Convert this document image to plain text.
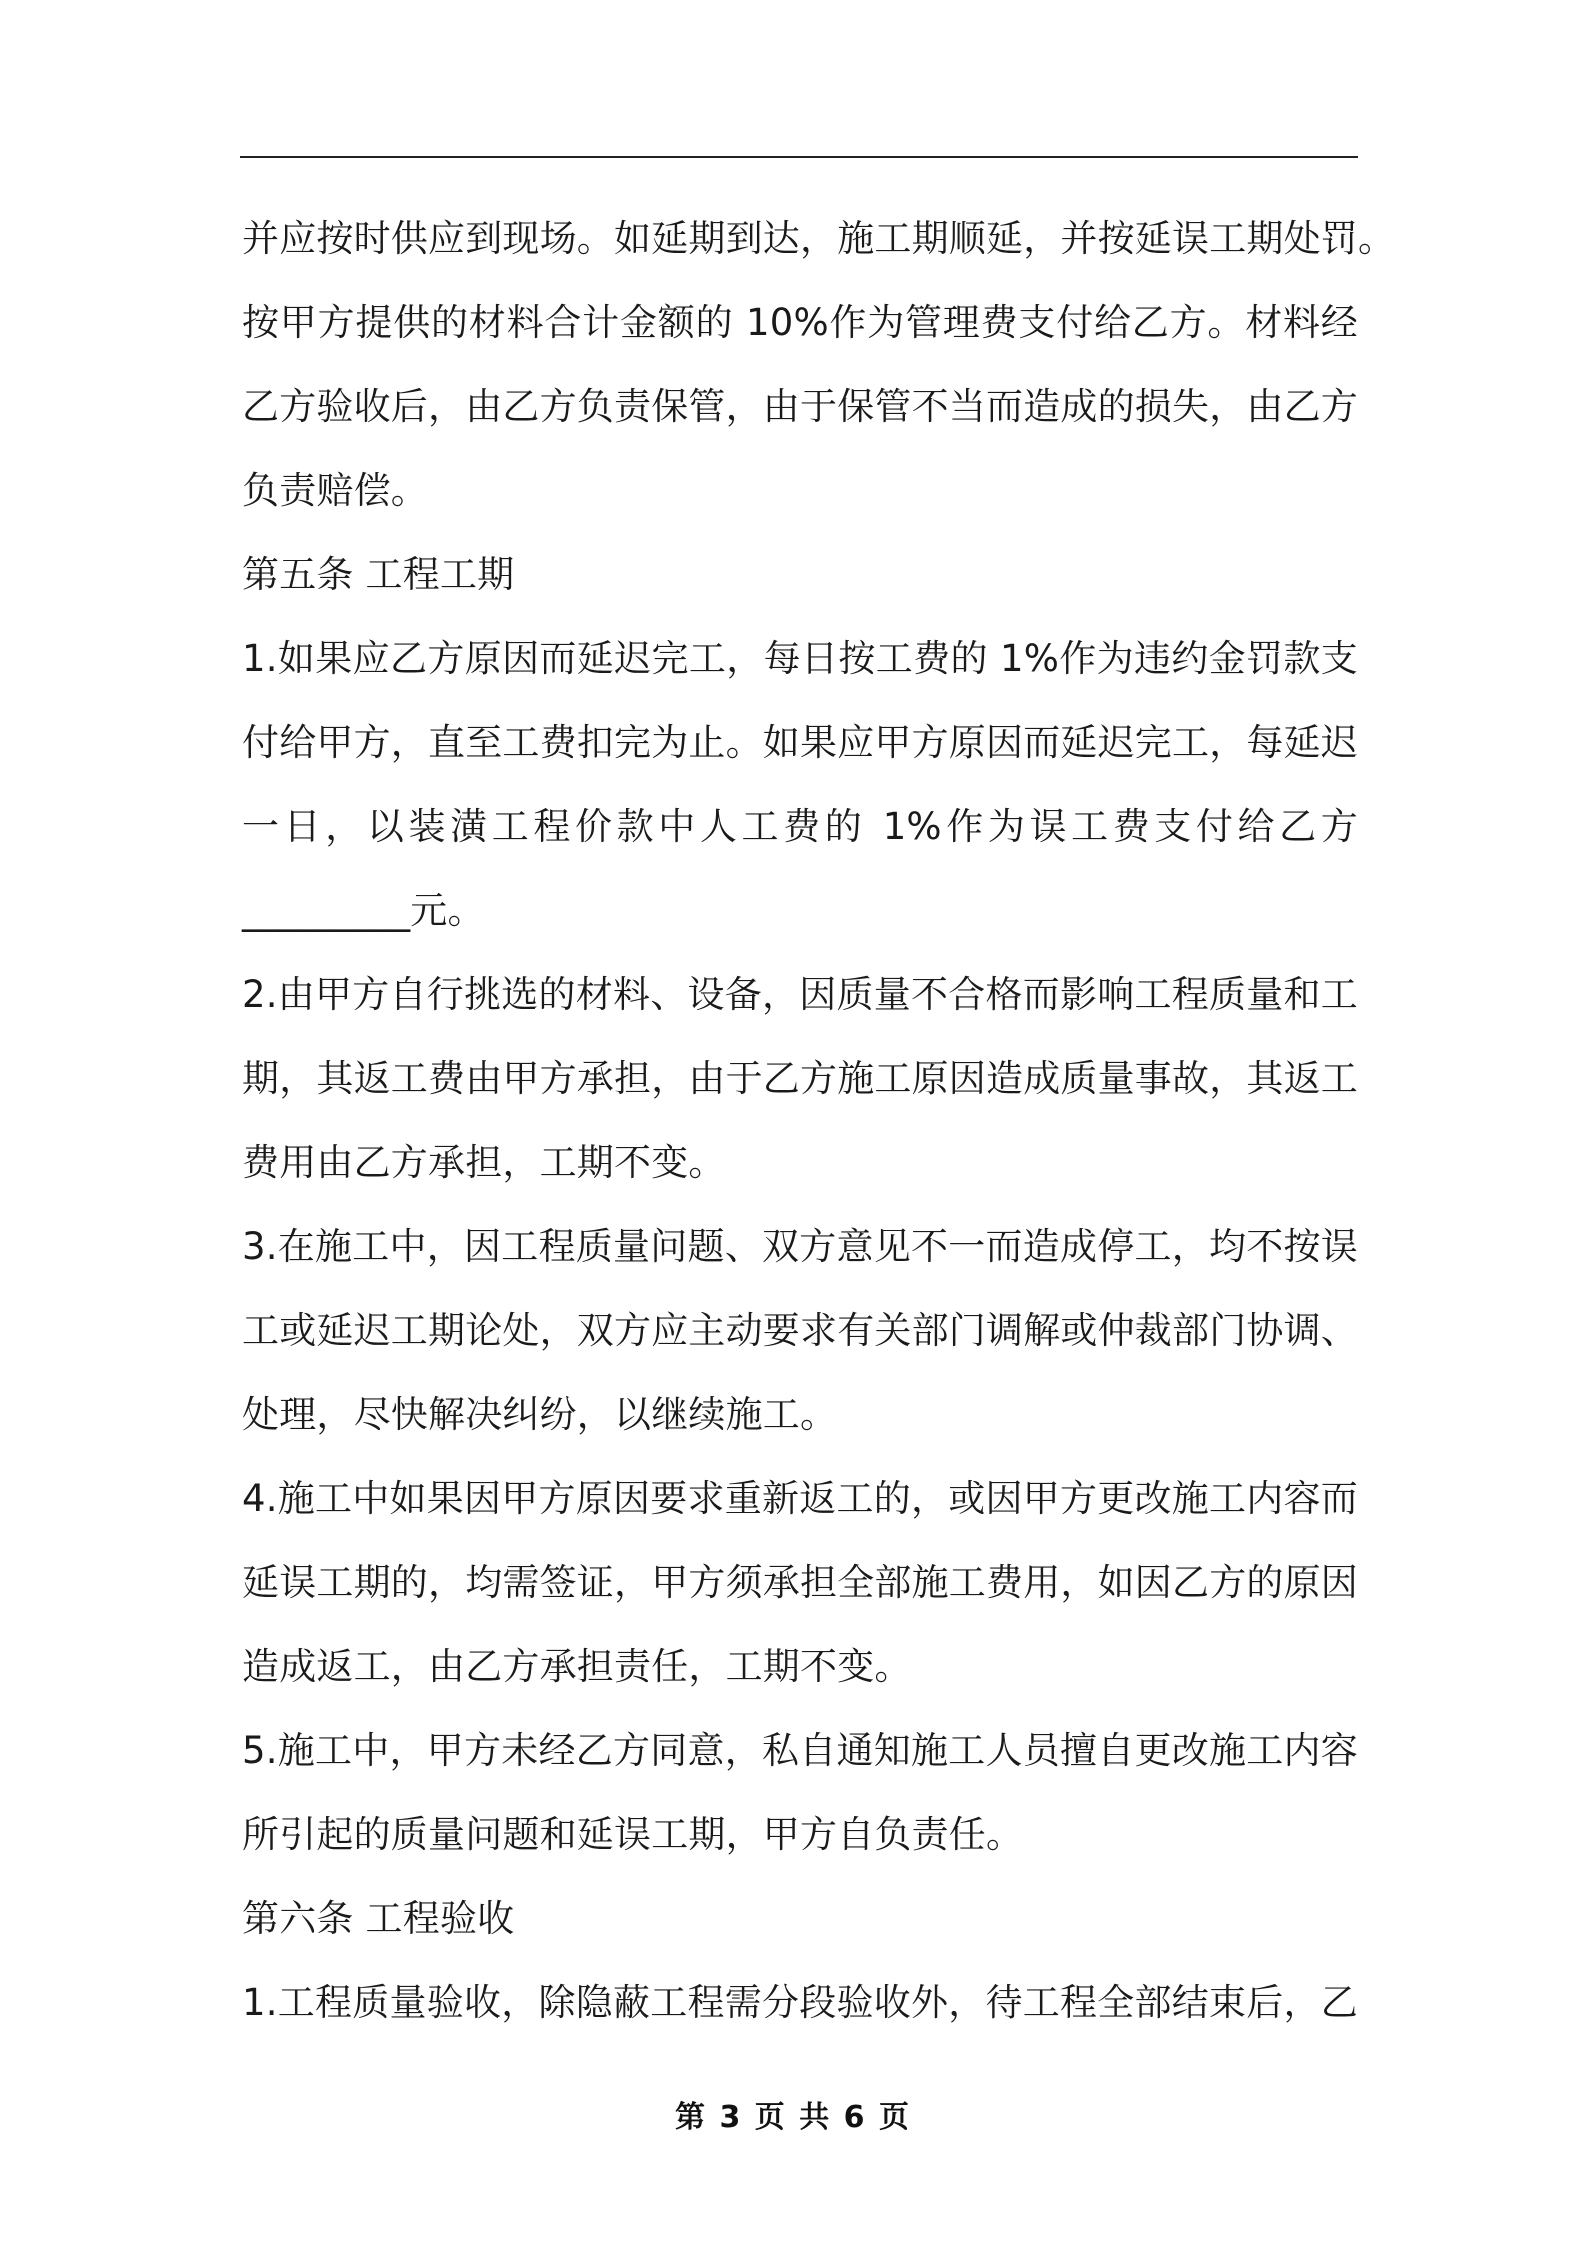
并应按时供应到现场。如延期到达，施工期顺延，并按延误工期处罚。
按甲方提供的材料合计金额的 10%作为管理费支付给乙方。材料经
乙方验收后，由乙方负责保管，由于保管不当而造成的损失，由乙方
负责赔偿。
第五条 工程工期
1.如果应乙方原因而延迟完工，每日按工费的 1%作为违约金罚款支
付给甲方，直至工费扣完为止。如果应甲方原因而延迟完工，每延迟
一日，以装潢工程价款中人工费的 1%作为误工费支付给乙方
_________元。
2.由甲方自行挑选的材料、设备，因质量不合格而影响工程质量和工
期，其返工费由甲方承担，由于乙方施工原因造成质量事故，其返工
费用由乙方承担，工期不变。
3.在施工中，因工程质量问题、双方意见不一而造成停工，均不按误
工或延迟工期论处，双方应主动要求有关部门调解或仲裁部门协调、
处理，尽快解决纠纷，以继续施工。
4.施工中如果因甲方原因要求重新返工的，或因甲方更改施工内容而
延误工期的，均需签证，甲方须承担全部施工费用，如因乙方的原因
造成返工，由乙方承担责任，工期不变。
5.施工中，甲方未经乙方同意，私自通知施工人员擅自更改施工内容
所引起的质量问题和延误工期，甲方自负责任。
第六条 工程验收
1.工程质量验收，除隐蔽工程需分段验收外，待工程全部结束后，乙
第 3 页 共 6 页
